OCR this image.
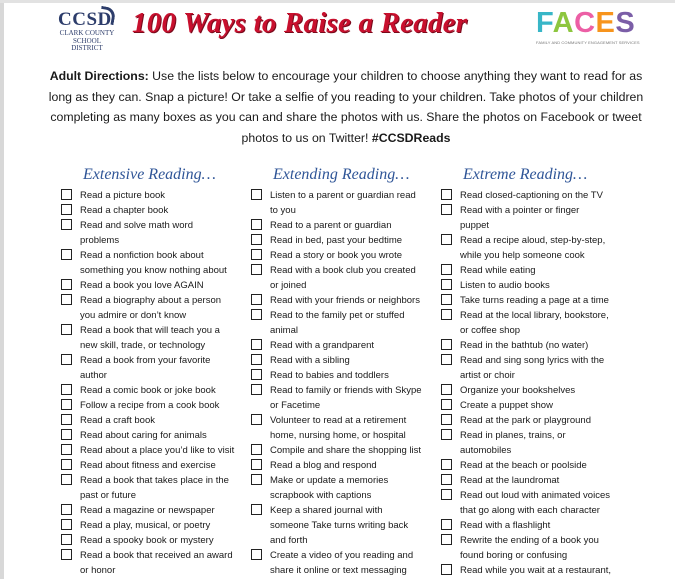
CCSD
CLARK COUNTY
SCHOOL DISTRICT
100 Ways to Raise a Reader FACES
FAMILY AND COMMUNITY ENGAGEMENT SERVICES
Adult Directions: Use the lists below to encourage your children to choose anything they want to read for as long as they can. Snap a picture! Or take a selfie of you reading to your children. Take photos of your children completing as many boxes as you can and share the photos with us. Share the photos on Facebook or tweet photos to us on Twitter! #CCSDReads
Extensive Reading…
Read a picture book
Read a chapter book
Read and solve math word
problems
Read a nonfiction book about
something you know nothing about
Read a book you love AGAIN
Read a biography about a person
you admire or don’t know
Read a book that will teach you a
new skill, trade, or technology
Read a book from your favorite
author
Read a comic book or joke book
Follow a recipe from a cook book
Read a craft book
Read about caring for animals
Read about a place you’d like to visit
Read about fitness and exercise
Read a book that takes place in the
past or future
Read a magazine or newspaper
Read a play, musical, or poetry
Read a spooky book or mystery
Read a book that received an award
or honor
Extending Reading…
Listen to a parent or guardian read
to you
Read to a parent or guardian
Read in bed, past your bedtime
Read a story or book you wrote
Read with a book club you created
or joined
Read with your friends or neighbors
Read to the family pet or stuffed
animal
Read with a grandparent
Read with a sibling
Read to babies and toddlers
Read to family or friends with Skype
or Facetime
Volunteer to read at a retirement
home, nursing home, or hospital
Compile and share the shopping list
Read a blog and respond
Make or update a memories
scrapbook with captions
Keep a shared journal with
someone Take turns writing back
and forth
Create a video of you reading and
share it online or text messaging
Extreme Reading…
Read closed-captioning on the TV
Read with a pointer or finger
puppet
Read a recipe aloud, step-by-step,
while you help someone cook
Read while eating
Listen to audio books
Take turns reading a page at a time
Read at the local library, bookstore,
or coffee shop
Read in the bathtub (no water)
Read and sing song lyrics with the
artist or choir
Organize your bookshelves
Create a puppet show
Read at the park or playground
Read in planes, trains, or
automobiles
Read at the beach or poolside
Read at the laundromat
Read out loud with animated voices
that go along with each character
Read with a flashlight
Rewrite the ending of a book you
found boring or confusing
Read while you wait at a restaurant,
